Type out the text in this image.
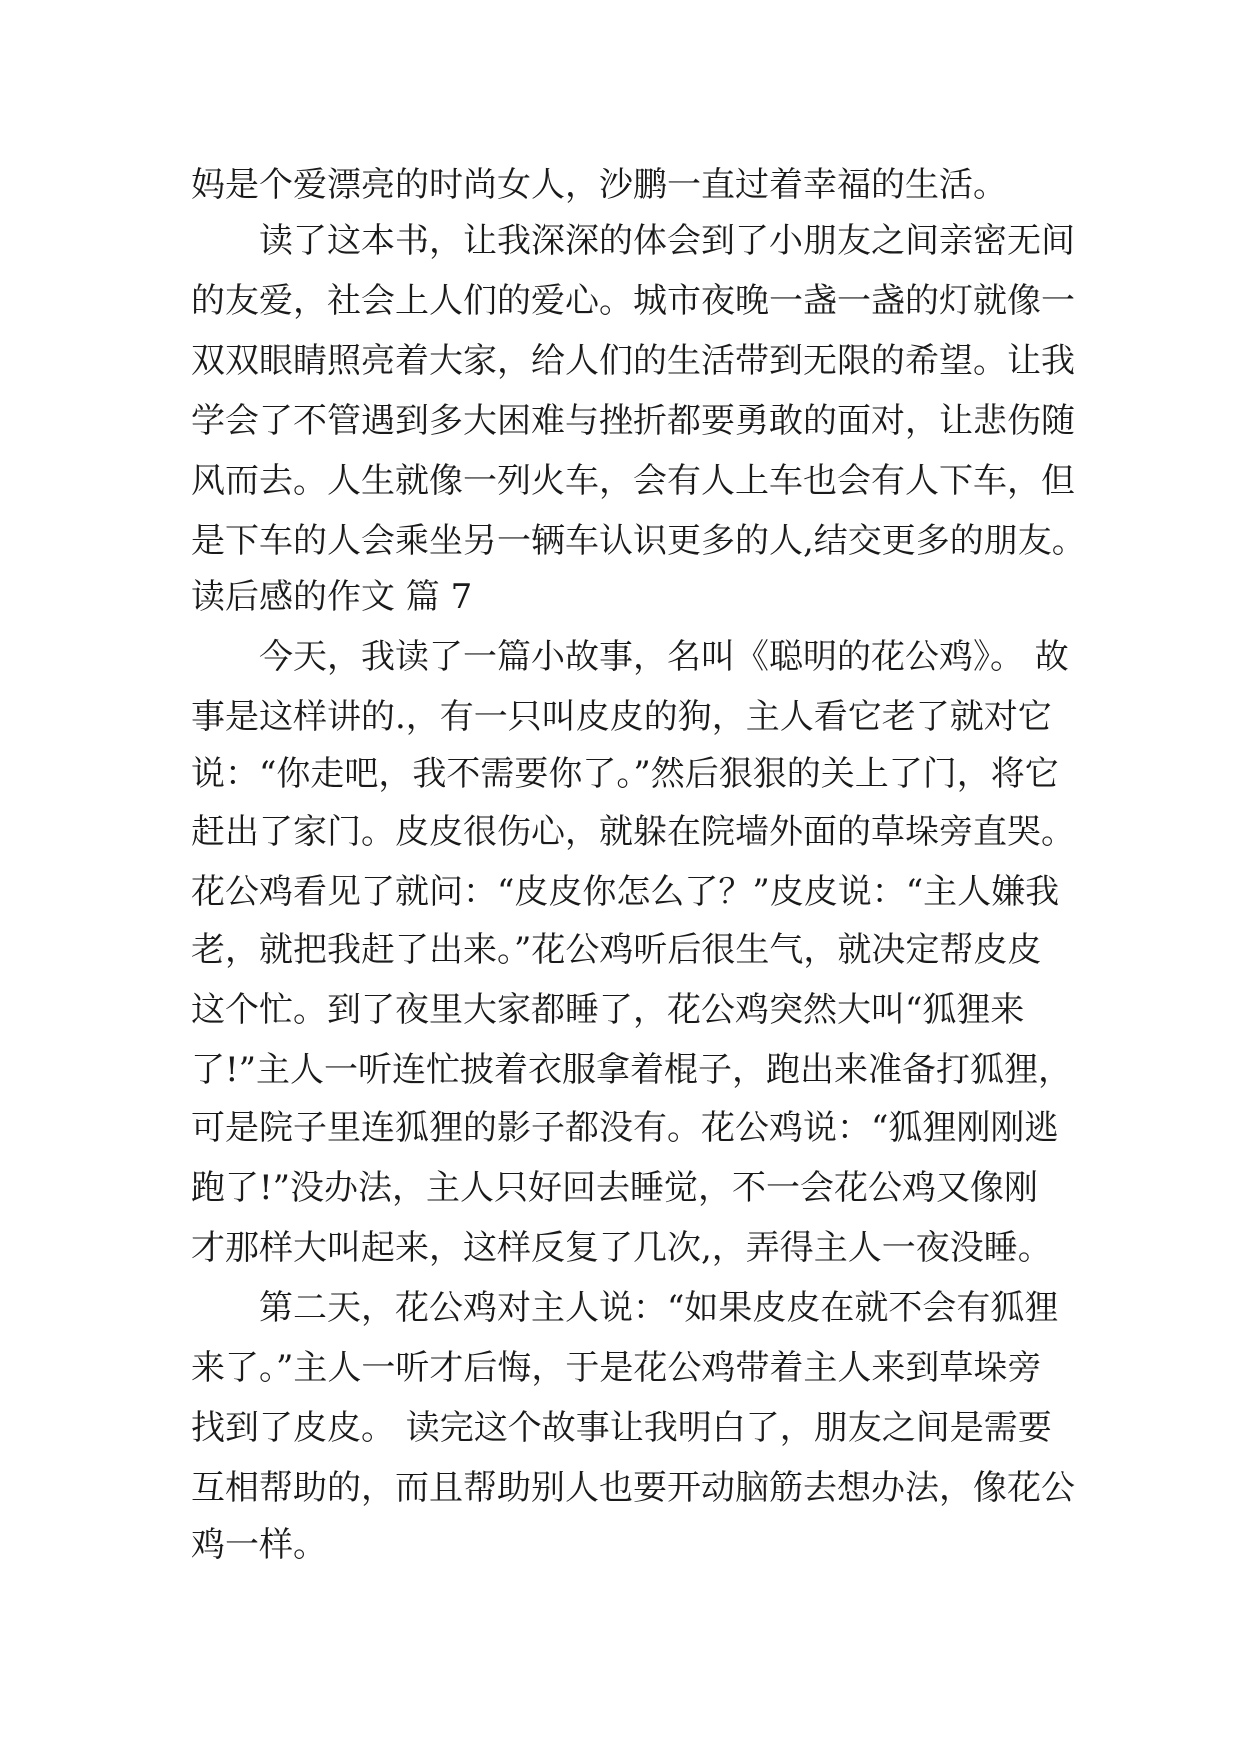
妈是个爱漂亮的时尚女人，沙鹏一直过着幸福的生活。
读了这本书，让我深深的体会到了小朋友之间亲密无间
的友爱，社会上人们的爱心。城市夜晚一盏一盏的灯就像一
双双眼睛照亮着大家，给人们的生活带到无限的希望。让我
学会了不管遇到多大困难与挫折都要勇敢的面对，让悲伤随
风而去。人生就像一列火车，会有人上车也会有人下车，但
是下车的人会乘坐另一辆车认识更多的人,结交更多的朋友。
读后感的作文 篇 7
今天，我读了一篇小故事，名叫《聪明的花公鸡》。 故
事是这样讲的.，有一只叫皮皮的狗，主人看它老了就对它
说：“你走吧，我不需要你了。”然后狠狠的关上了门，将它
赶出了家门。皮皮很伤心，就躲在院墙外面的草垛旁直哭。
花公鸡看见了就问：“皮皮你怎么了？”皮皮说：“主人嫌我
老，就把我赶了出来。”花公鸡听后很生气，就决定帮皮皮
这个忙。到了夜里大家都睡了，花公鸡突然大叫“狐狸来
了!”主人一听连忙披着衣服拿着棍子，跑出来准备打狐狸，
可是院子里连狐狸的影子都没有。花公鸡说：“狐狸刚刚逃
跑了!”没办法，主人只好回去睡觉，不一会花公鸡又像刚
才那样大叫起来，这样反复了几次,，弄得主人一夜没睡。
第二天，花公鸡对主人说：“如果皮皮在就不会有狐狸
来了。”主人一听才后悔，于是花公鸡带着主人来到草垛旁
找到了皮皮。 读完这个故事让我明白了，朋友之间是需要
互相帮助的，而且帮助别人也要开动脑筋去想办法，像花公
鸡一样。
